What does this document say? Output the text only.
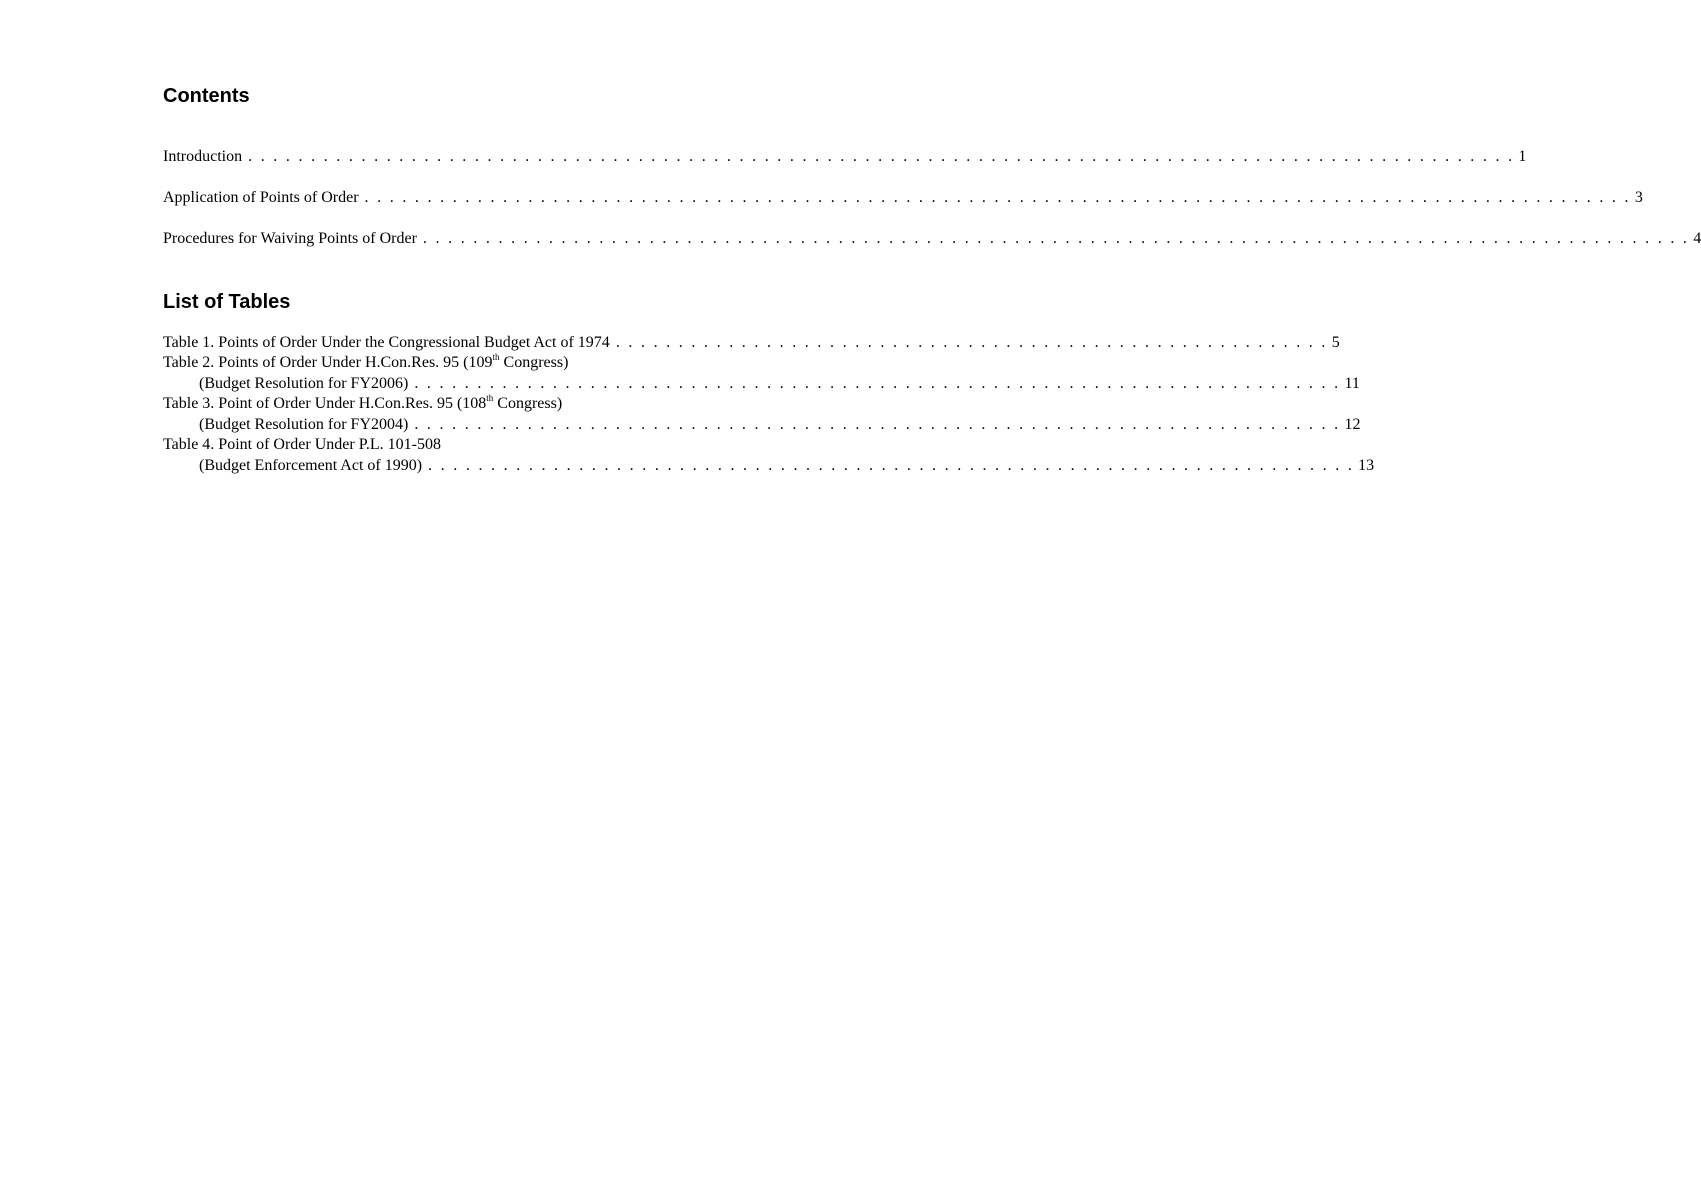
Contents
Introduction . . . . . . . . . . . . . . . . . . . . . . . . . . . . . . . . . . . . . . . . . . . . . . . . . . . . . . . . . . . . . . . . . . . . . . . . . . . . . . . . . . . . . . . . . . . . . . . . . . . . . 1
Application of Points of Order . . . . . . . . . . . . . . . . . . . . . . . . . . . . . . . . . . . . . . . . . . . . . . . . . . . . . . . . . . . . . . . . . . . . . . . . . . . . . . . . . . . . . . . . . . . . . . . . . . . . . 3
Procedures for Waiving Points of Order . . . . . . . . . . . . . . . . . . . . . . . . . . . . . . . . . . . . . . . . . . . . . . . . . . . . . . . . . . . . . . . . . . . . . . . . . . . . . . . . . . . . . . . . . . . . . . . . . . . . . 4
List of Tables
Table 1. Points of Order Under the Congressional Budget Act of 1974 . . . . . . . . . . . . . . . . . . . . . . . . . . . . . . . . . . . . . . . . . . . . . . . . . . . . . . . . . 5
Table 2. Points of Order Under H.Con.Res. 95 (109th Congress)
(Budget Resolution for FY2006) . . . . . . . . . . . . . . . . . . . . . . . . . . . . . . . . . . . . . . . . . . . . . . . . . . . . . . . . . . . . . . . . . . . . . . . . . . 11
Table 3. Point of Order Under H.Con.Res. 95 (108th Congress)
(Budget Resolution for FY2004) . . . . . . . . . . . . . . . . . . . . . . . . . . . . . . . . . . . . . . . . . . . . . . . . . . . . . . . . . . . . . . . . . . . . . . . . . . 12
Table 4. Point of Order Under P.L. 101-508
(Budget Enforcement Act of 1990) . . . . . . . . . . . . . . . . . . . . . . . . . . . . . . . . . . . . . . . . . . . . . . . . . . . . . . . . . . . . . . . . . . . . . . . . . . 13
